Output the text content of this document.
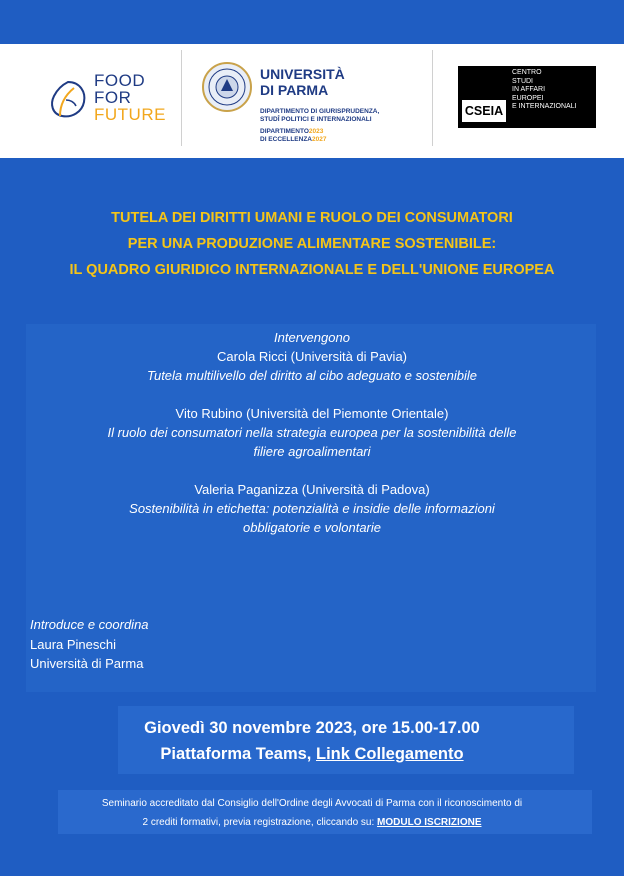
FOOD
FOR
FUTURE
UNIVERSITÀ
DI PARMA
DIPARTIMENTO DI GIURISPRUDENZA,
STUDÎ POLITICI E INTERNAZIONALI
DIPARTIMENTO2023
DI ECCELLENZA2027
CSEIA
CENTRO
STUDI
IN AFFARI
EUROPEI
E INTERNAZIONALI

TUTELA DEI DIRITTI UMANI E RUOLO DEI CONSUMATORI

PER UNA PRODUZIONE ALIMENTARE SOSTENIBILE:

IL QUADRO GIURIDICO INTERNAZIONALE E DELL'UNIONE EUROPEA

Intervengono

Carola Ricci (Università di Pavia)

Tutela multilivello del diritto al cibo adeguato e sostenibile

Vito Rubino (Università del Piemonte Orientale)

Il ruolo dei consumatori nella strategia europea per la sostenibilità delle

filiere agroalimentari

Valeria Paganizza (Università di Padova)

Sostenibilità in etichetta: potenzialità e insidie delle informazioni

obbligatorie e volontarie

Introduce e coordina

Laura Pineschi

Università di Parma

Giovedì 30 novembre 2023, ore 15.00-17.00

Piattaforma Teams, Link Collegamento

Seminario accreditato dal Consiglio dell'Ordine degli Avvocati di Parma con il riconoscimento di

2 crediti formativi, previa registrazione, cliccando su: MODULO ISCRIZIONE
